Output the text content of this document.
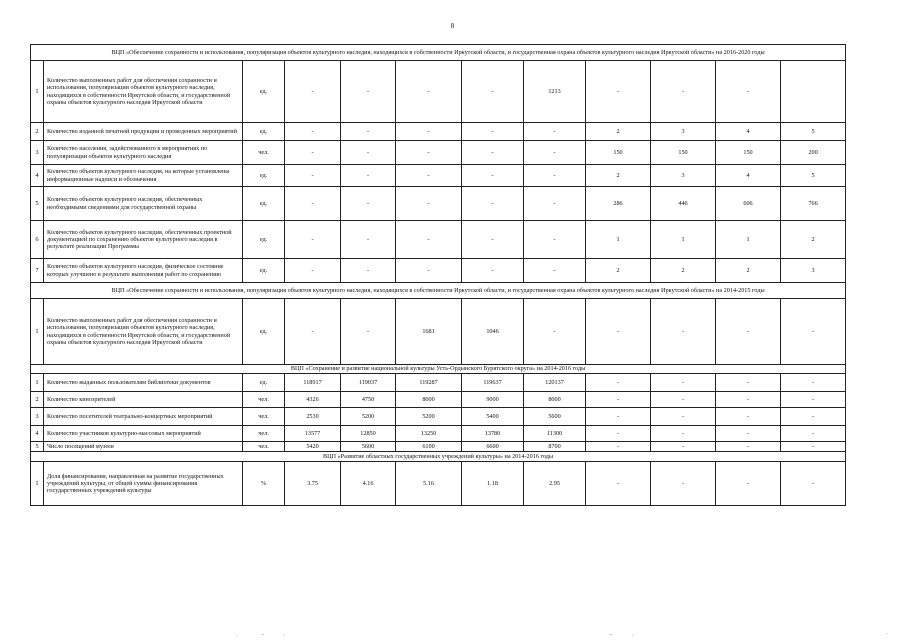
8
ВЦП «Обеспечение сохранности и использования, популяризация объектов культурного наследия, находящихся в собственности Иркутской области, и государственная охрана объектов культурного наследия Иркутской области» на 2016-2020 годы											
1	Количество выполненных работ для обеспечения сохранности и использования, популяризации объектов культурного наследия, находящихся в собственности Иркутской области, и государственной охраны объектов культурного наследия Иркутской области	ед.	-	-	-	-	1213	-	-	-	
2	Количество изданной печатной продукции и проведенных мероприятий	ед.	-	-	-	-	-	2	3	4	5
3	Количество населения, задействованного в мероприятиях по популяризации объектов культурного наследия	чел.	-	-	-	-	-	150	150	150	200
4	Количество объектов культурного наследия, на которые установлены информационные надписи и обозначения	ед.	-	-	-	-	-	2	3	4	5
5	Количество объектов культурного наследия, обеспеченных необходимыми сведениями для государственной охраны	ед.	-	-	-	-	-	286	446	606	766
6	Количество объектов культурного наследия, обеспеченных проектной документацией по сохранению объектов культурного наследия в результате реализации Программы	ед.	-	-	-	-	-	1	1	1	2
7	Количество объектов культурного наследия, физическое состояние которых улучшено в результате выполнения работ по сохранению	ед.	-	-	-	-	-	2	2	2	3
ВЦП «Обеспечение сохранности и использования, популяризация объектов культурного наследия, находящихся в собственности Иркутской области, и государственная охрана объектов культурного наследия Иркутской области» на 2014-2015 годы											
1	Количество выполненных работ для обеспечения сохранности и использования, популяризации объектов культурного наследия, находящихся в собственности Иркутской области, и государственной охраны объектов культурного наследия Иркутской области	ед.	-	-	1681	1046	-	-	-	-	-
ВЦП «Сохранение и развитие национальной культуры Усть-Ордынского Бурятского округа» на 2014-2016 годы											
1	Количество выданных пользователям библиотеки документов	ед.	118917	119037	119287	119637	120137	-	-	-	-
2	Количество кинозрителей	чел.	4326	4750	8000	9000	8000	-	-	-	-
3	Количество посетителей театрально-концертных мероприятий	чел.	2530	5200	5200	5400	5600	-	-	-	-
4	Количество участников культурно-массовых мероприятий	чел.	13577	12850	13250	13780	11300	-	-	-	-
5	Число посещений музеев	чел.	5420	5600	6100	6600	8700	-	-	-	-
ВЦП «Развитие областных государственных учреждений культуры» на 2014-2016 годы											
1	Доля финансирования, направленная на развитие государственных учреждений культуры, от общей суммы финансирования государственных учреждений культуры	%	3.75	4.16	5.16	1.18	2.95	-	-	-	-
.	-	.	-	.	·
